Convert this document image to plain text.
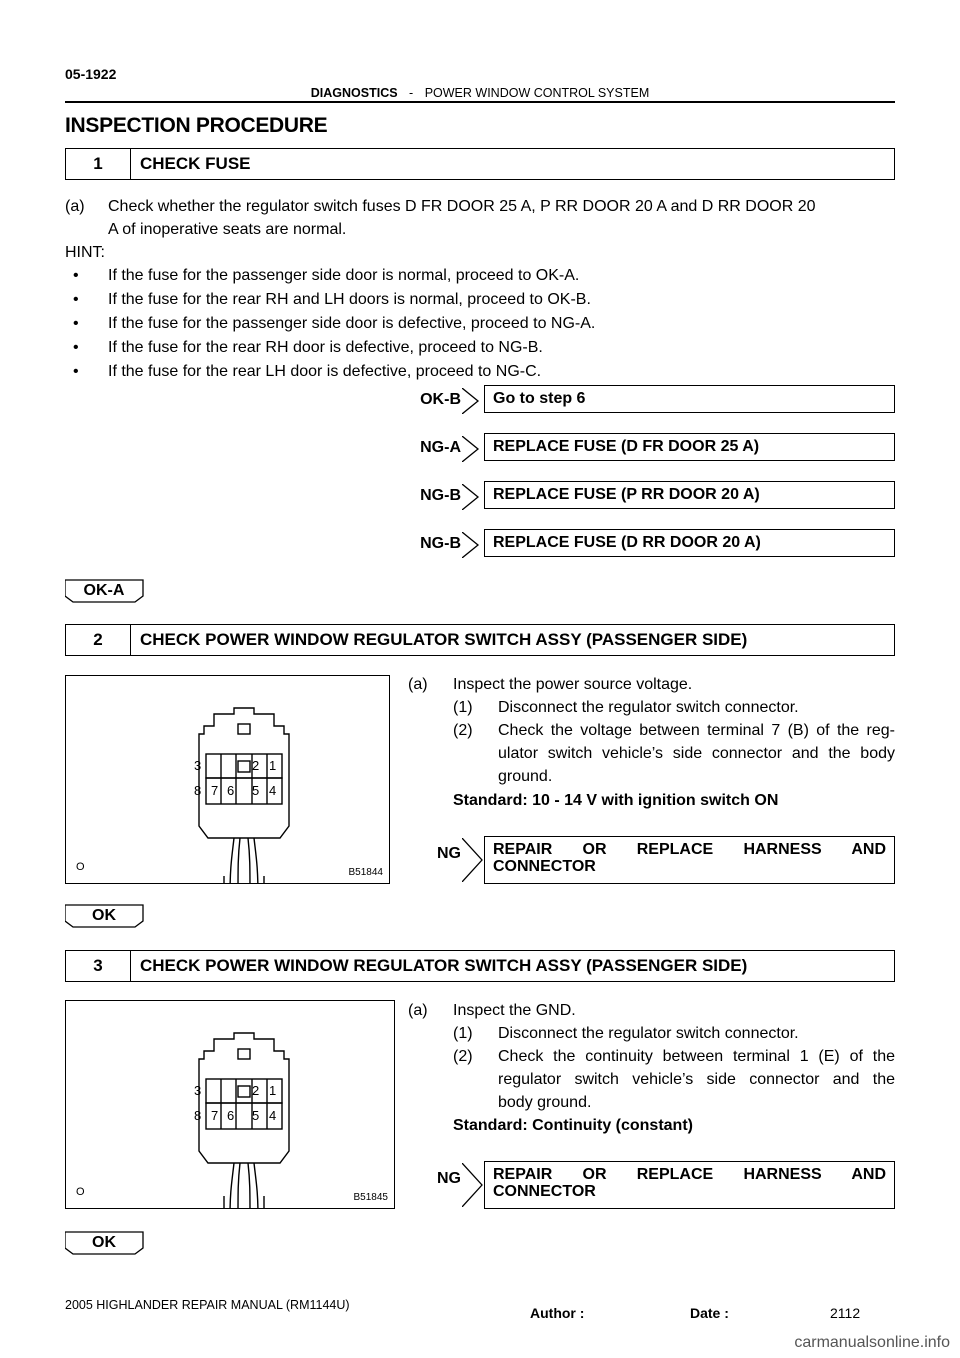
05-1922
DIAGNOSTICS - POWER WINDOW CONTROL SYSTEM
INSPECTION PROCEDURE
1	CHECK FUSE
(a) Check whether the regulator switch fuses D FR DOOR 25 A, P RR DOOR 20 A and D RR DOOR 20
A of inoperative seats are normal.
HINT:
• If the fuse for the passenger side door is normal, proceed to OK-A.
• If the fuse for the rear RH and LH doors is normal, proceed to OK-B.
• If the fuse for the passenger side door is defective, proceed to NG-A.
• If the fuse for the rear RH door is defective, proceed to NG-B.
• If the fuse for the rear LH door is defective, proceed to NG-C.
OK-B Go to step 6
NG-A REPLACE FUSE (D FR DOOR 25 A)
NG-B REPLACE FUSE (P RR DOOR 20 A)
NG-B REPLACE FUSE (D RR DOOR 20 A)
OK-A
2	CHECK POWER WINDOW REGULATOR SWITCH ASSY (PASSENGER SIDE)
3	2 1
8 7 6 5 4
O	B51844
(a) Inspect the power source voltage.
(1) Disconnect the regulator switch connector.
(2) Check the voltage between terminal 7 (B) of the reg-
ulator switch vehicle’s side connector and the body
ground.
Standard: 10 - 14 V with ignition switch ON
NG REPAIR OR REPLACE HARNESS AND
CONNECTOR
OK
3	CHECK POWER WINDOW REGULATOR SWITCH ASSY (PASSENGER SIDE)
3	2 1
8 7 6 5 4
O	B51845
(a) Inspect the GND.
(1) Disconnect the regulator switch connector.
(2) Check the continuity between terminal 1 (E) of the
regulator switch vehicle’s side connector and the
body ground.
Standard: Continuity (constant)
NG REPAIR OR REPLACE HARNESS AND
CONNECTOR
OK
2005 HIGHLANDER REPAIR MANUAL (RM1144U)	Author :	Date :	2112
carmanualsonline.info
